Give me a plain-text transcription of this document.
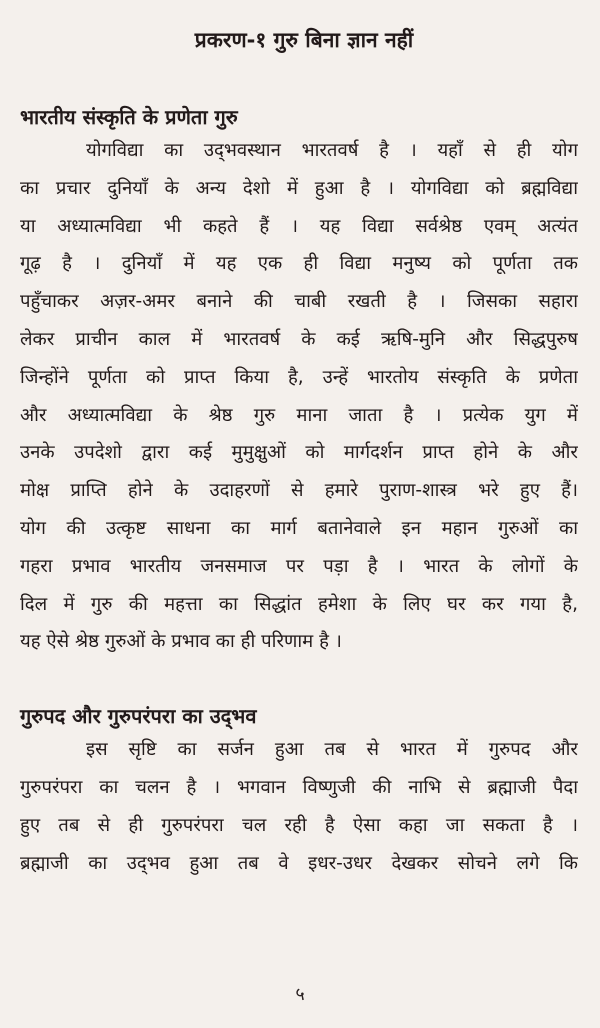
प्रकरण-१ गुरु बिना ज्ञान नहीं
भारतीय संस्कृति के प्रणेता गुरु
योगविद्या का उद्‌भवस्थान भारतवर्ष है । यहाँ से ही योग
का प्रचार दुनियाँ के अन्य देशो में हुआ है । योगविद्या को ब्रह्मविद्या
या अध्यात्मविद्या भी कहते हैं । यह विद्या सर्वश्रेष्ठ एवम् अत्यंत
गूढ़ है । दुनियाँ में यह एक ही विद्या मनुष्य को पूर्णता तक
पहुँचाकर अज़र-अमर बनाने की चाबी रखती है । जिसका सहारा
लेकर प्राचीन काल में भारतवर्ष के कई ऋषि-मुनि और सिद्धपुरुष
जिन्होंने पूर्णता को प्राप्त किया है, उन्हें भारतोय संस्कृति के प्रणेता
और अध्यात्मविद्या के श्रेष्ठ गुरु माना जाता है । प्रत्येक युग में
उनके उपदेशो द्वारा कई मुमुक्षुओं को मार्गदर्शन प्राप्त होने के और
मोक्ष प्राप्ति होने के उदाहरणों से हमारे पुराण-शास्त्र भरे हुए हैं।
योग की उत्कृष्ट साधना का मार्ग बतानेवाले इन महान गुरुओं का
गहरा प्रभाव भारतीय जनसमाज पर पड़ा है । भारत के लोगों के
दिल में गुरु की महत्ता का सिद्धांत हमेशा के लिए घर कर गया है,
यह ऐसे श्रेष्ठ गुरुओं के प्रभाव का ही परिणाम है ।
गुरुपद और गुरुपरंपरा का उद्‌भव
इस सृष्टि का सर्जन हुआ तब से भारत में गुरुपद और
गुरुपरंपरा का चलन है । भगवान विष्णुजी की नाभि से ब्रह्माजी पैदा
हुए तब से ही गुरुपरंपरा चल रही है ऐसा कहा जा सकता है ।
ब्रह्माजी का उद्‌भव हुआ तब वे इधर-उधर देखकर सोचने लगे कि
५
